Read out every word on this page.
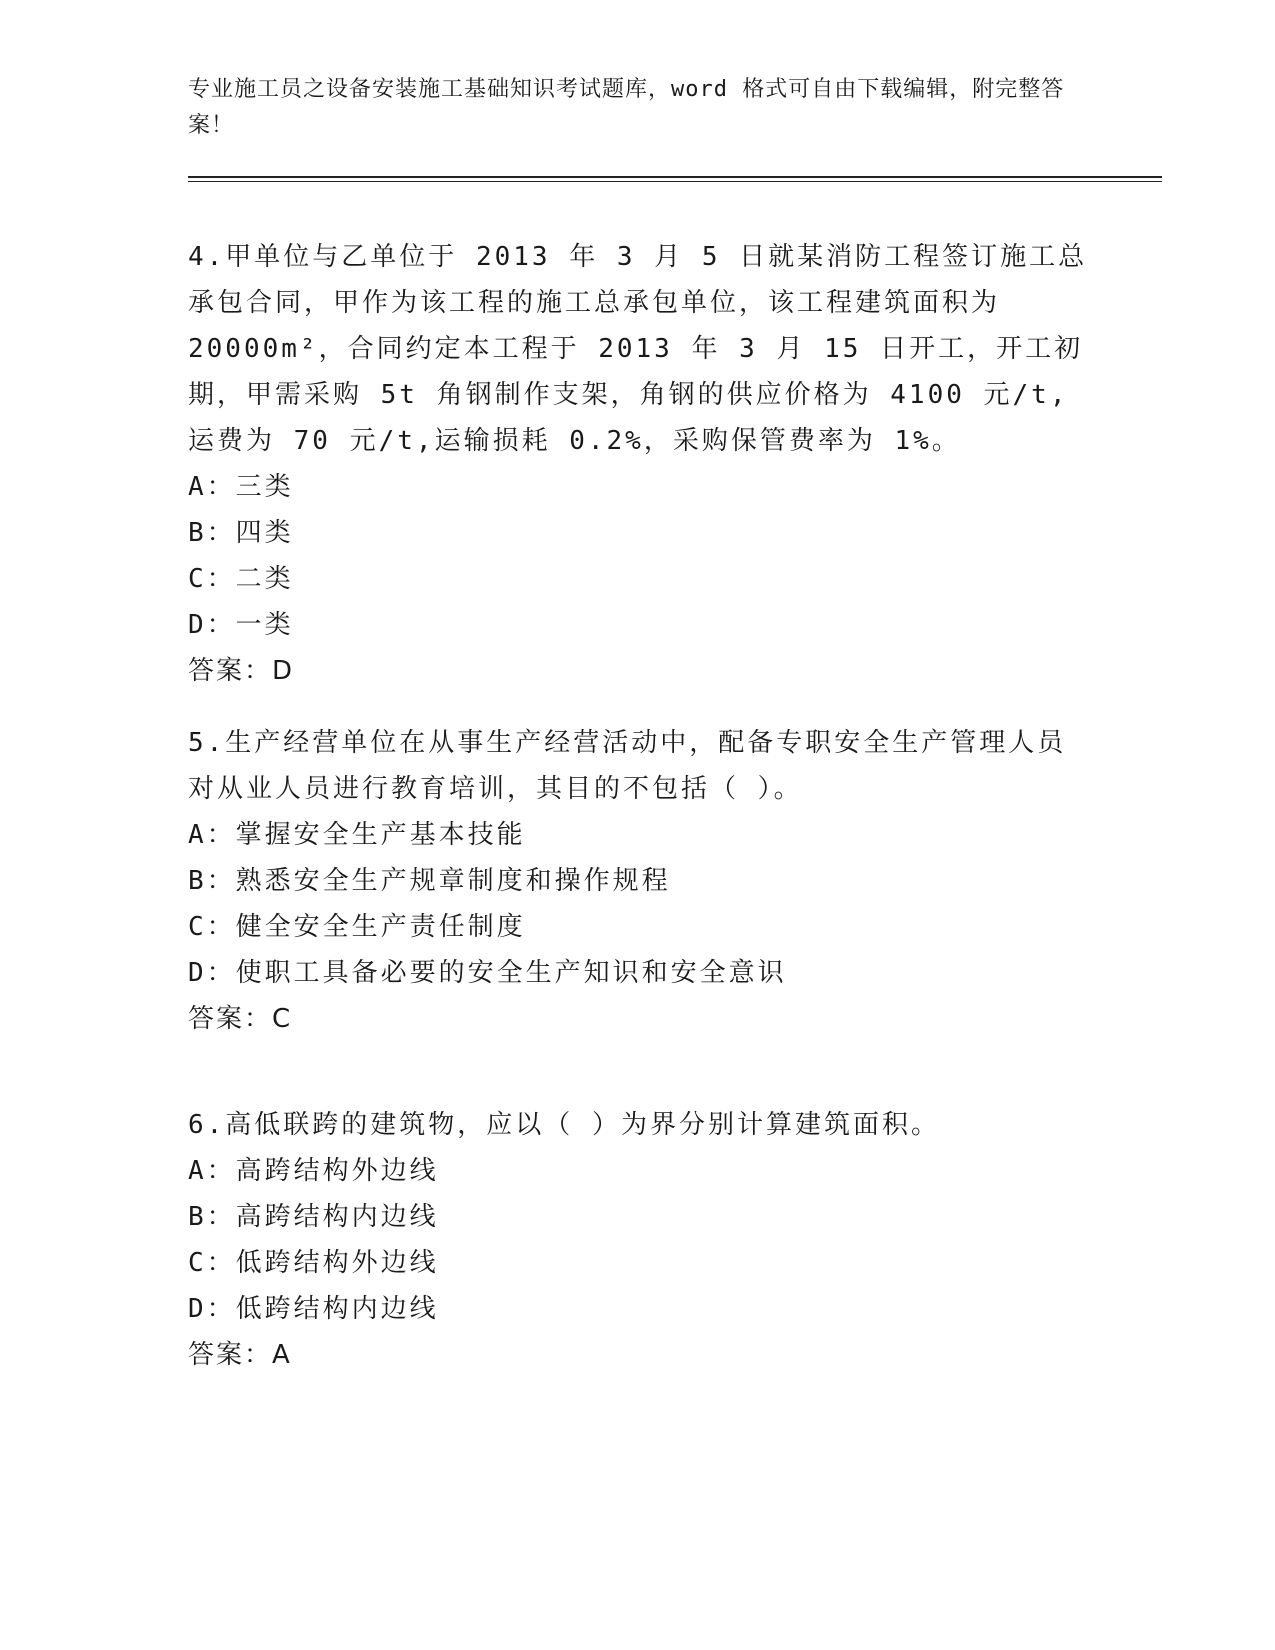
专业施工员之设备安装施工基础知识考试题库，word 格式可自由下载编辑，附完整答案！
4.甲单位与乙单位于 2013 年 3 月 5 日就某消防工程签订施工总承包合同，甲作为该工程的施工总承包单位，该工程建筑面积为 20000m²，合同约定本工程于 2013 年 3 月 15 日开工，开工初期，甲需采购 5t 角钢制作支架，角钢的供应价格为 4100 元/t,运费为 70 元/t,运输损耗 0.2%，采购保管费率为 1%。
A：三类
B：四类
C：二类
D：一类
答案：D
5.生产经营单位在从事生产经营活动中，配备专职安全生产管理人员对从业人员进行教育培训，其目的不包括（ ）。
A：掌握安全生产基本技能
B：熟悉安全生产规章制度和操作规程
C：健全安全生产责任制度
D：使职工具备必要的安全生产知识和安全意识
答案：C
6.高低联跨的建筑物，应以（ ）为界分别计算建筑面积。
A：高跨结构外边线
B：高跨结构内边线
C：低跨结构外边线
D：低跨结构内边线
答案：A
